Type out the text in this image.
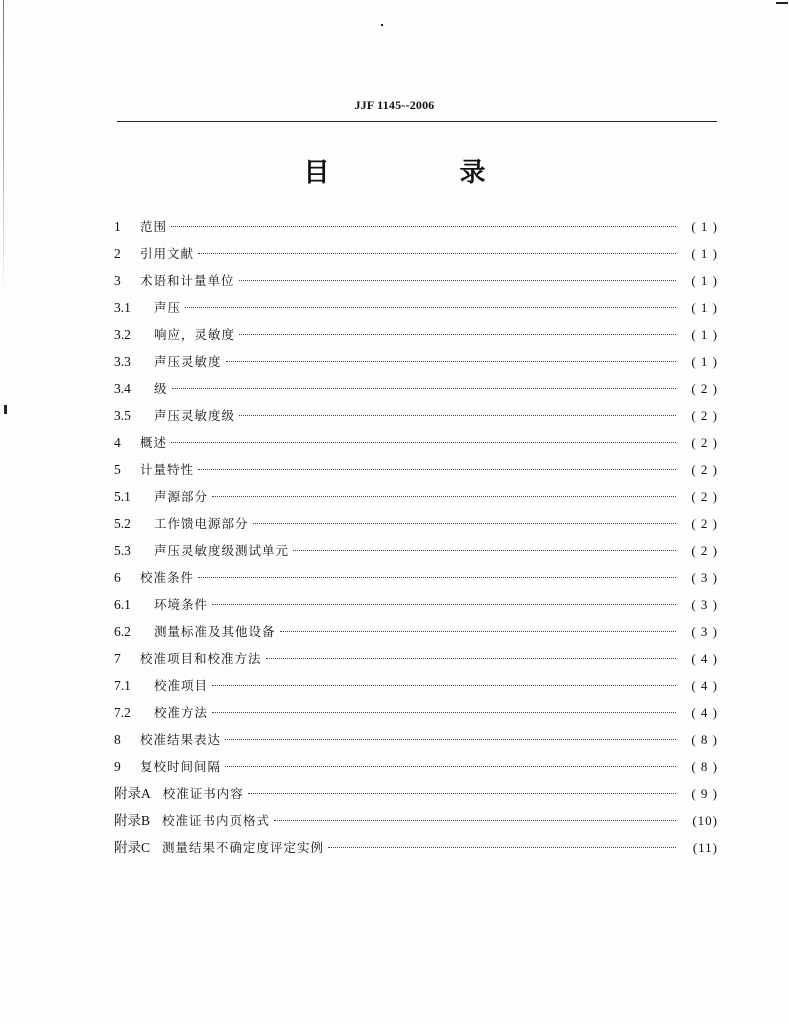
JJF 1145--2006
目　录
1	范围	( 1 )
2	引用文献	( 1 )
3	术语和计量单位	( 1 )
3.1	声压	( 1 )
3.2	响应，灵敏度	( 1 )
3.3	声压灵敏度	( 1 )
3.4	级	( 2 )
3.5	声压灵敏度级	( 2 )
4	概述	( 2 )
5	计量特性	( 2 )
5.1	声源部分	( 2 )
5.2	工作馈电源部分	( 2 )
5.3	声压灵敏度级测试单元	( 2 )
6	校准条件	( 3 )
6.1	环境条件	( 3 )
6.2	测量标准及其他设备	( 3 )
7	校准项目和校准方法	( 4 )
7.1	校准项目	( 4 )
7.2	校准方法	( 4 )
8	校准结果表达	( 8 )
9	复校时间间隔	( 8 )
附录A 校准证书内容	( 9 )
附录B 校准证书内页格式	(10)
附录C 测量结果不确定度评定实例	(11)
